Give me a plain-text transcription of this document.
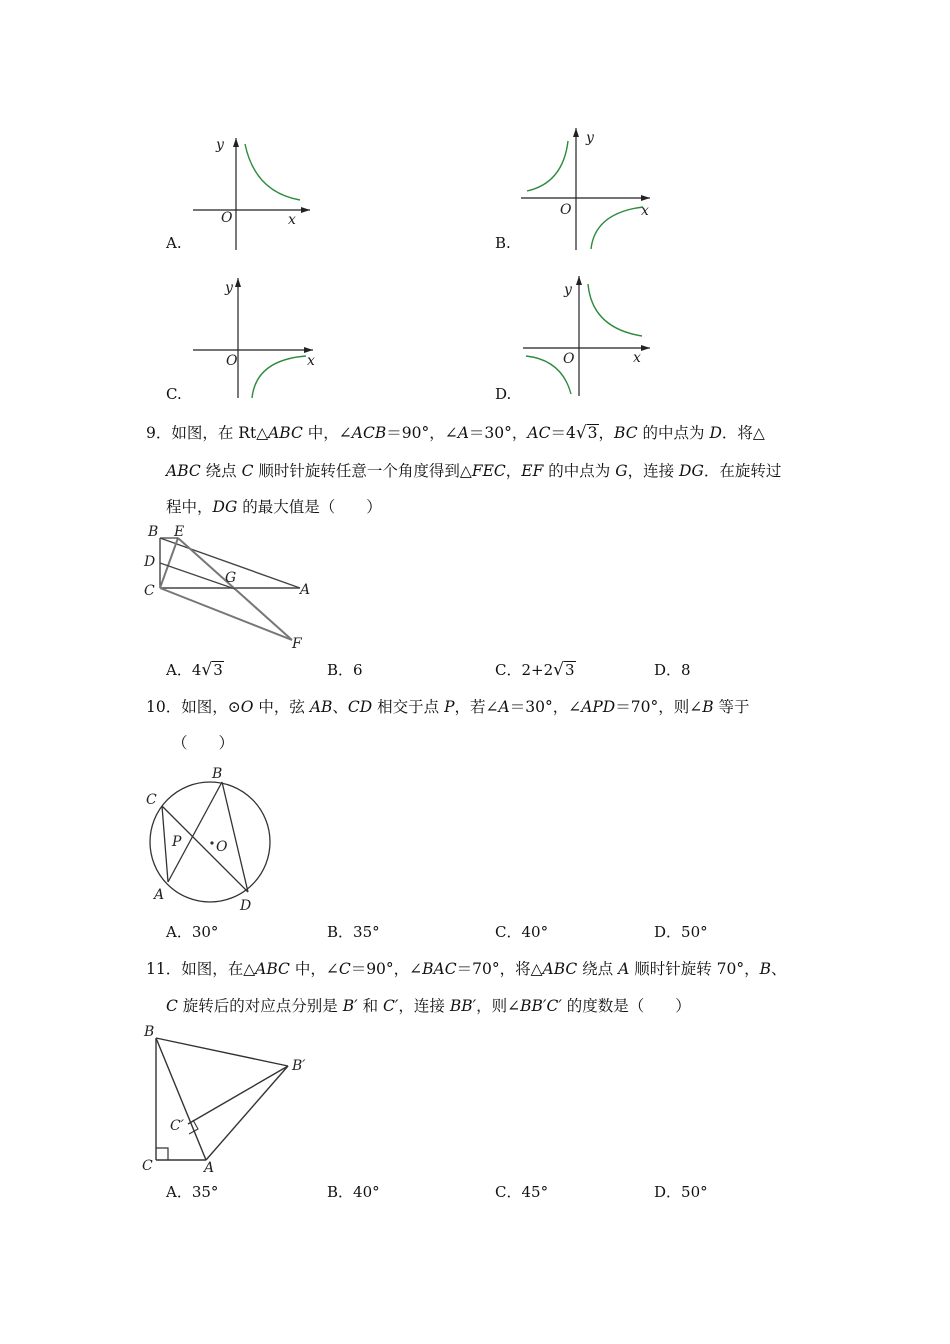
y
x
O
A.
y
x
O
B.
y
x
O
C.
y
x
O
D.
9．如图，在 Rt△ABC 中，∠ACB＝90°，∠A＝30°，AC＝4√3，BC 的中点为 D．将△
ABC 绕点 C 顺时针旋转任意一个角度得到△FEC，EF 的中点为 G，连接 DG．在旋转过
程中，DG 的最大值是（　　）
B E
D
C
G
A
F
A．4√3	B．6	C．2+2√3	D．8
10．如图，⊙O 中，弦 AB、CD 相交于点 P，若∠A＝30°，∠APD＝70°，则∠B 等于
（　　）
B
C
P O
A
D
A．30°	B．35°	C．40°	D．50°
11．如图，在△ABC 中，∠C＝90°，∠BAC＝70°，将△ABC 绕点 A 顺时针旋转 70°，B、
C 旋转后的对应点分别是 B′ 和 C′，连接 BB′，则∠BB′C′ 的度数是（　　）
B
B′
C′
C	A
A．35°	B．40°	C．45°	D．50°
